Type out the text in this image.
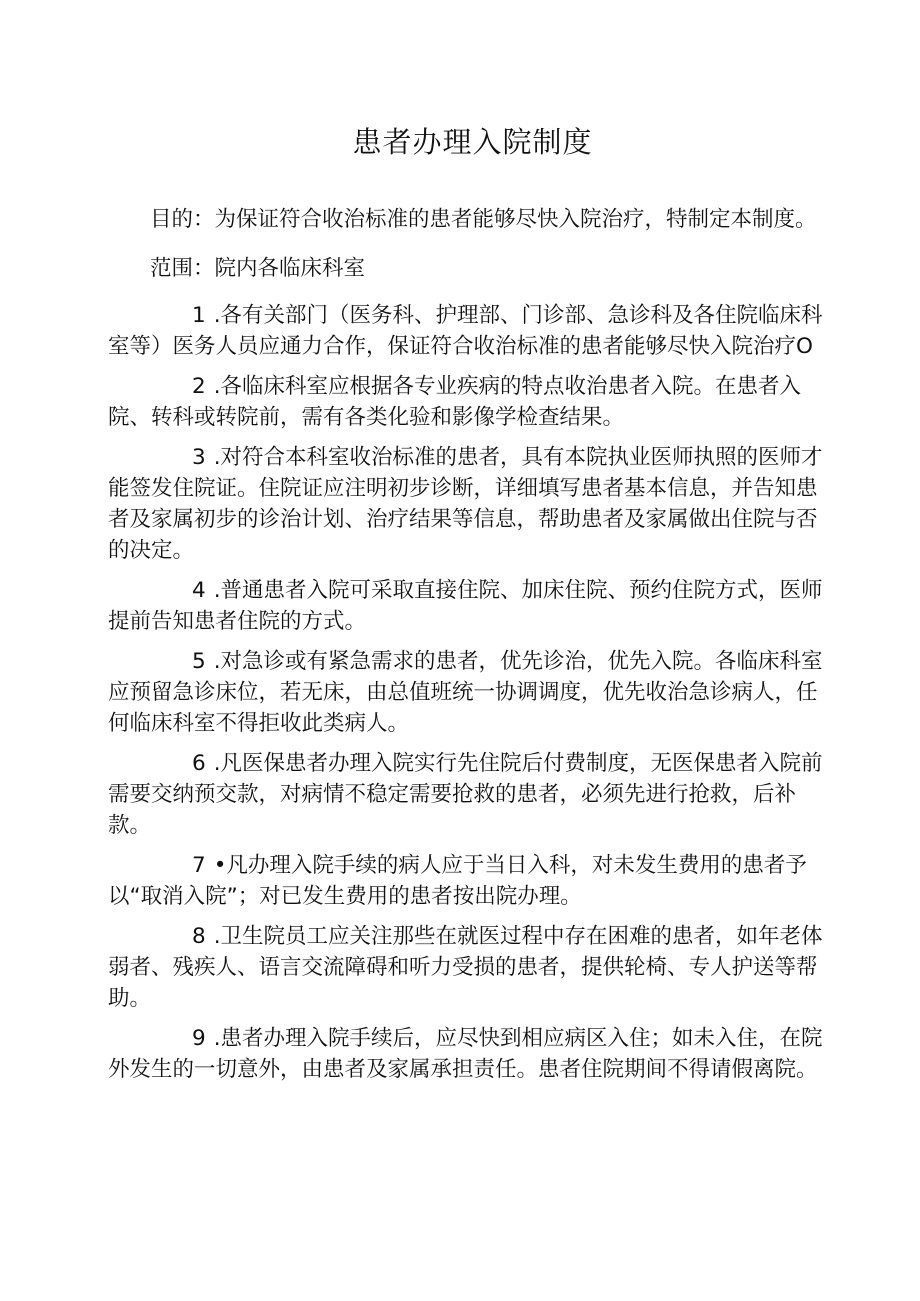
患者办理入院制度

目的：为保证符合收治标准的患者能够尽快入院治疗，特制定本制度。

范围：院内各临床科室

1 .各有关部门（医务科、护理部、门诊部、急诊科及各住院临床科室等）医务人员应通力合作，保证符合收治标准的患者能够尽快入院治疗O

2 .各临床科室应根据各专业疾病的特点收治患者入院。在患者入院、转科或转院前，需有各类化验和影像学检查结果。

3 .对符合本科室收治标准的患者，具有本院执业医师执照的医师才能签发住院证。住院证应注明初步诊断，详细填写患者基本信息，并告知患者及家属初步的诊治计划、治疗结果等信息，帮助患者及家属做出住院与否的决定。

4 .普通患者入院可采取直接住院、加床住院、预约住院方式，医师提前告知患者住院的方式。

5 .对急诊或有紧急需求的患者，优先诊治，优先入院。各临床科室应预留急诊床位，若无床，由总值班统一协调调度，优先收治急诊病人，任何临床科室不得拒收此类病人。

6 .凡医保患者办理入院实行先住院后付费制度，无医保患者入院前需要交纳预交款，对病情不稳定需要抢救的患者，必须先进行抢救，后补款。

7 •凡办理入院手续的病人应于当日入科，对未发生费用的患者予以“取消入院”；对已发生费用的患者按出院办理。

8 .卫生院员工应关注那些在就医过程中存在困难的患者，如年老体弱者、残疾人、语言交流障碍和听力受损的患者，提供轮椅、专人护送等帮助。

9 .患者办理入院手续后，应尽快到相应病区入住；如未入住，在院外发生的一切意外，由患者及家属承担责任。患者住院期间不得请假离院。
